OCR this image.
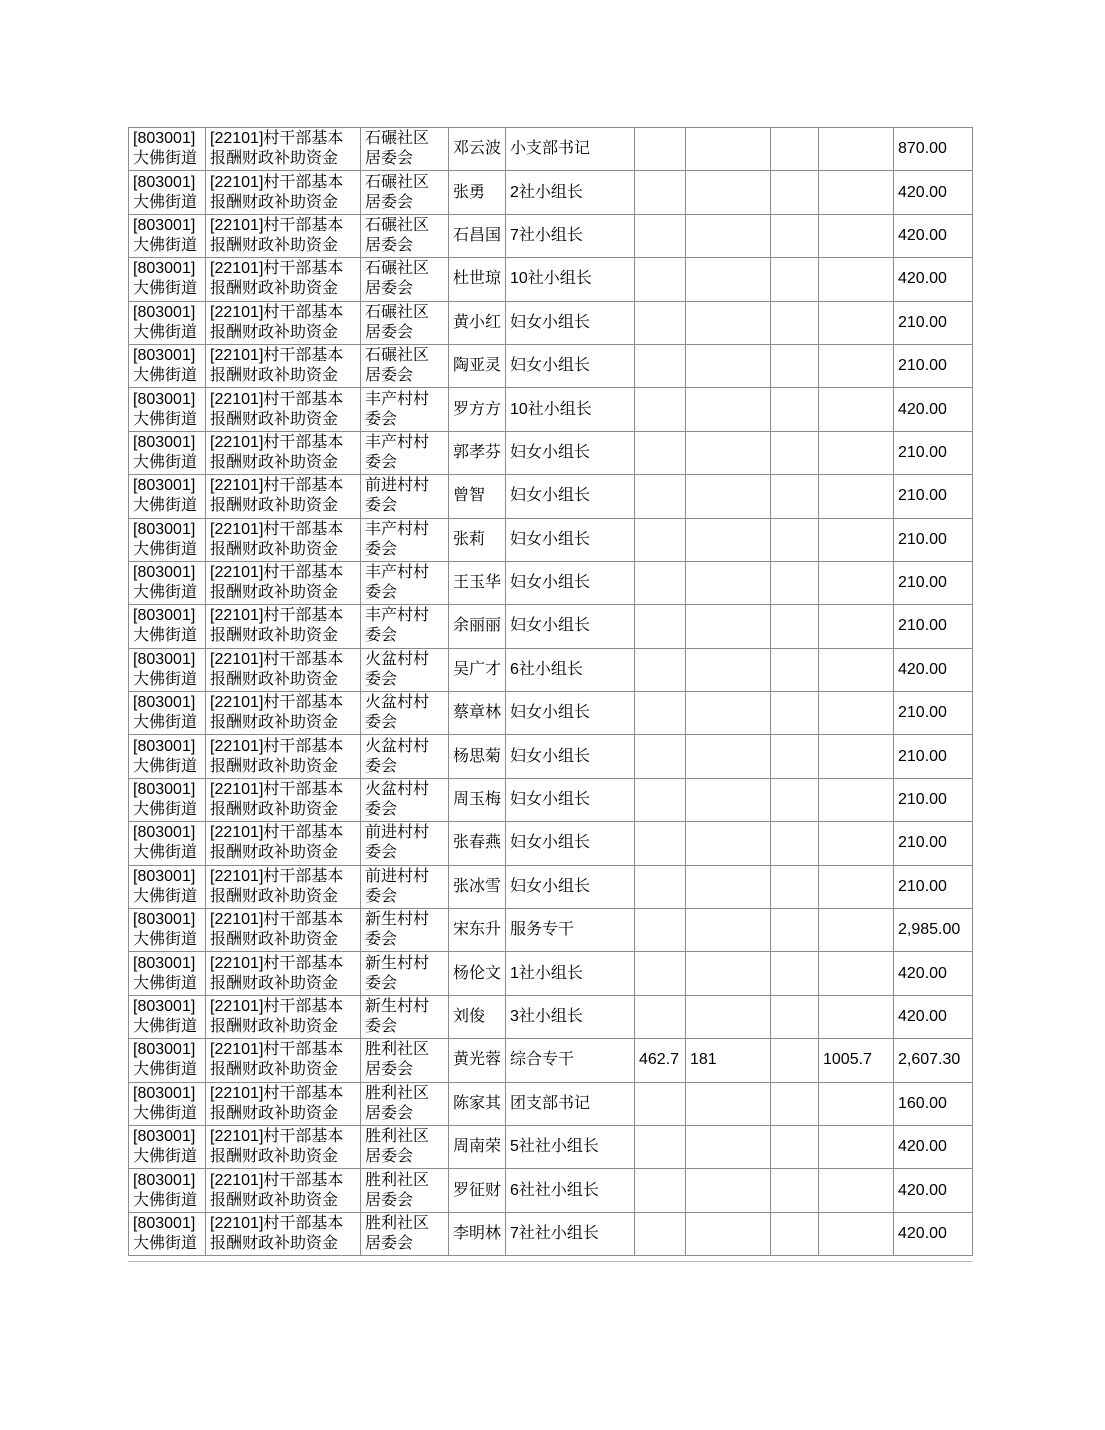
[803001]大佛街道	[22101]村干部基本报酬财政补助资金	石碾社区居委会	邓云波	小支部书记					870.00
[803001]大佛街道	[22101]村干部基本报酬财政补助资金	石碾社区居委会	张勇	2社小组长					420.00
[803001]大佛街道	[22101]村干部基本报酬财政补助资金	石碾社区居委会	石昌国	7社小组长					420.00
[803001]大佛街道	[22101]村干部基本报酬财政补助资金	石碾社区居委会	杜世琼	10社小组长					420.00
[803001]大佛街道	[22101]村干部基本报酬财政补助资金	石碾社区居委会	黄小红	妇女小组长					210.00
[803001]大佛街道	[22101]村干部基本报酬财政补助资金	石碾社区居委会	陶亚灵	妇女小组长					210.00
[803001]大佛街道	[22101]村干部基本报酬财政补助资金	丰产村村委会	罗方方	10社小组长					420.00
[803001]大佛街道	[22101]村干部基本报酬财政补助资金	丰产村村委会	郭孝芬	妇女小组长					210.00
[803001]大佛街道	[22101]村干部基本报酬财政补助资金	前进村村委会	曾智	妇女小组长					210.00
[803001]大佛街道	[22101]村干部基本报酬财政补助资金	丰产村村委会	张莉	妇女小组长					210.00
[803001]大佛街道	[22101]村干部基本报酬财政补助资金	丰产村村委会	王玉华	妇女小组长					210.00
[803001]大佛街道	[22101]村干部基本报酬财政补助资金	丰产村村委会	余丽丽	妇女小组长					210.00
[803001]大佛街道	[22101]村干部基本报酬财政补助资金	火盆村村委会	吴广才	6社小组长					420.00
[803001]大佛街道	[22101]村干部基本报酬财政补助资金	火盆村村委会	蔡章林	妇女小组长					210.00
[803001]大佛街道	[22101]村干部基本报酬财政补助资金	火盆村村委会	杨思菊	妇女小组长					210.00
[803001]大佛街道	[22101]村干部基本报酬财政补助资金	火盆村村委会	周玉梅	妇女小组长					210.00
[803001]大佛街道	[22101]村干部基本报酬财政补助资金	前进村村委会	张春燕	妇女小组长					210.00
[803001]大佛街道	[22101]村干部基本报酬财政补助资金	前进村村委会	张冰雪	妇女小组长					210.00
[803001]大佛街道	[22101]村干部基本报酬财政补助资金	新生村村委会	宋东升	服务专干					2,985.00
[803001]大佛街道	[22101]村干部基本报酬财政补助资金	新生村村委会	杨伦文	1社小组长					420.00
[803001]大佛街道	[22101]村干部基本报酬财政补助资金	新生村村委会	刘俊	3社小组长					420.00
[803001]大佛街道	[22101]村干部基本报酬财政补助资金	胜利社区居委会	黄光蓉	综合专干	462.7	181		1005.7	2,607.30
[803001]大佛街道	[22101]村干部基本报酬财政补助资金	胜利社区居委会	陈家其	团支部书记					160.00
[803001]大佛街道	[22101]村干部基本报酬财政补助资金	胜利社区居委会	周南荣	5社社小组长					420.00
[803001]大佛街道	[22101]村干部基本报酬财政补助资金	胜利社区居委会	罗征财	6社社小组长					420.00
[803001]大佛街道	[22101]村干部基本报酬财政补助资金	胜利社区居委会	李明林	7社社小组长					420.00
